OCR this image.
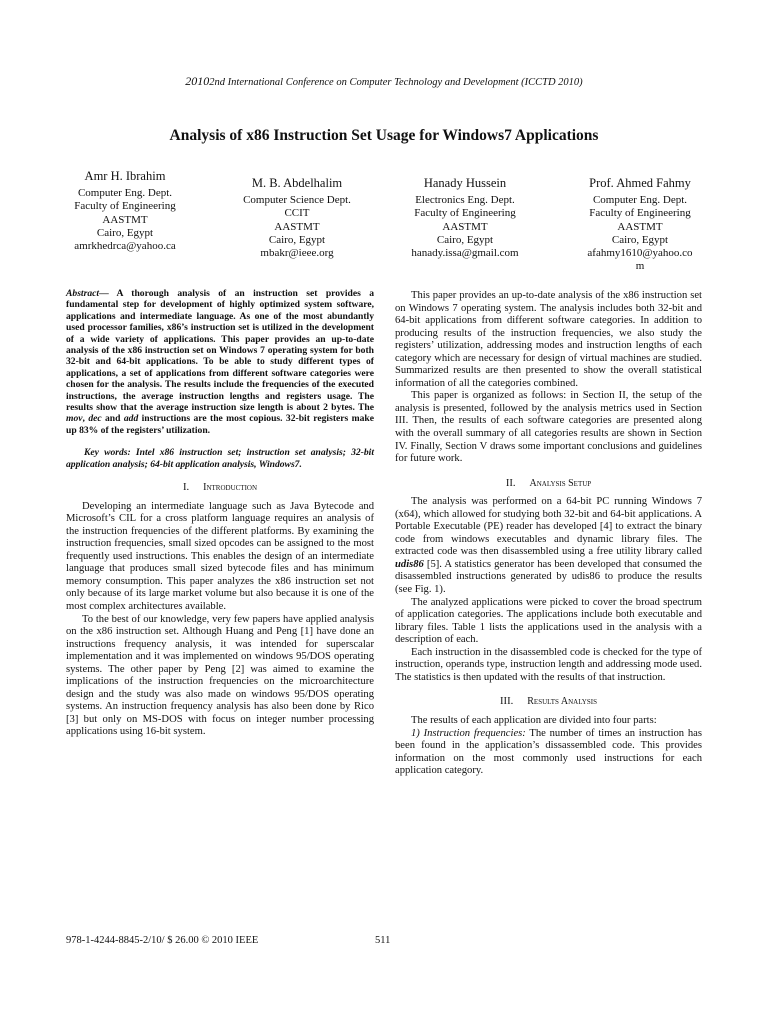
20102nd International Conference on Computer Technology and Development (ICCTD 2010)
Analysis of x86 Instruction Set Usage for Windows7 Applications
Amr H. Ibrahim
Computer Eng. Dept.
Faculty of Engineering
AASTMT
Cairo, Egypt
amrkhedrca@yahoo.ca
M. B. Abdelhalim
Computer Science Dept.
CCIT
AASTMT
Cairo, Egypt
mbakr@ieee.org
Hanady Hussein
Electronics Eng. Dept.
Faculty of Engineering
AASTMT
Cairo, Egypt
hanady.issa@gmail.com
Prof. Ahmed Fahmy
Computer Eng. Dept.
Faculty of Engineering
AASTMT
Cairo, Egypt
afahmy1610@yahoo.co
m
Abstract— A thorough analysis of an instruction set provides a fundamental step for development of highly optimized system software, applications and intermediate language. As one of the most abundantly used processor families, x86’s instruction set is utilized in the development of a wide variety of applications. This paper provides an up-to-date analysis of the x86 instruction set on Windows 7 operating system for both 32-bit and 64-bit applications. To be able to study different types of applications, a set of applications from different software categories were chosen for the analysis. The results include the frequencies of the executed instructions, the average instruction lengths and registers usage. The results show that the average instruction size length is about 2 bytes. The mov, dec and add instructions are the most copious. 32-bit registers make up 83% of the registers’ utilization.
Key words: Intel x86 instruction set; instruction set analysis; 32-bit application analysis; 64-bit application analysis, Windows7.
I. Introduction

Developing an intermediate language such as Java Bytecode and Microsoft’s CIL for a cross platform language requires an analysis of the instruction frequencies of the different platforms. By examining the instruction frequencies, small sized opcodes can be assigned to the most frequently used instructions. This enables the design of an intermediate language that produces small sized bytecode files and has minimum memory consumption. This paper analyzes the x86 instruction set not only because of its large market volume but also because it is one of the most complex architectures available.

To the best of our knowledge, very few papers have applied analysis on the x86 instruction set. Although Huang and Peng [1] have done an instructions frequency analysis, it was intended for superscalar implementation and it was implemented on windows 95/DOS operating systems. The other paper by Peng [2] was aimed to examine the implications of the instruction frequencies on the microarchitecture design and the study was also made on windows 95/DOS operating systems. An instruction frequency analysis has also been done by Rico [3] but only on MS-DOS with focus on integer number processing applications using 16-bit system.

This paper provides an up-to-date analysis of the x86 instruction set on Windows 7 operating system. The analysis includes both 32-bit and 64-bit applications from different software categories. In addition to producing results of the instruction frequencies, we also study the registers’ utilization, addressing modes and instruction lengths of each category which are necessary for design of virtual machines are studied. Summarized results are then presented to show the overall statistical information of all the categories combined.

This paper is organized as follows: in Section II, the setup of the analysis is presented, followed by the analysis metrics used in Section III. Then, the results of each software categories are presented along with the overall summary of all categories results are shown in Section IV. Finally, Section V draws some important conclusions and guidelines for future work.

II. Analysis Setup

The analysis was performed on a 64-bit PC running Windows 7 (x64), which allowed for studying both 32-bit and 64-bit applications. A Portable Executable (PE) reader has developed [4] to extract the binary code from windows executables and dynamic library files. The extracted code was then disassembled using a free utility library called udis86 [5]. A statistics generator has been developed that consumed the disassembled instructions generated by udis86 to produce the results (see Fig. 1).

The analyzed applications were picked to cover the broad spectrum of application categories. The applications include both executable and library files. Table 1 lists the applications used in the analysis with a description of each.

Each instruction in the disassembled code is checked for the type of instruction, operands type, instruction length and addressing mode used. The statistics is then updated with the results of that instruction.

III. Results Analysis

The results of each application are divided into four parts:

1) Instruction frequencies: The number of times an instruction has been found in the application’s dissassembled code. This provides information on the most commonly used instructions for each application category.

978-1-4244-8845-2/10/ $ 26.00 © 2010 IEEE	511
